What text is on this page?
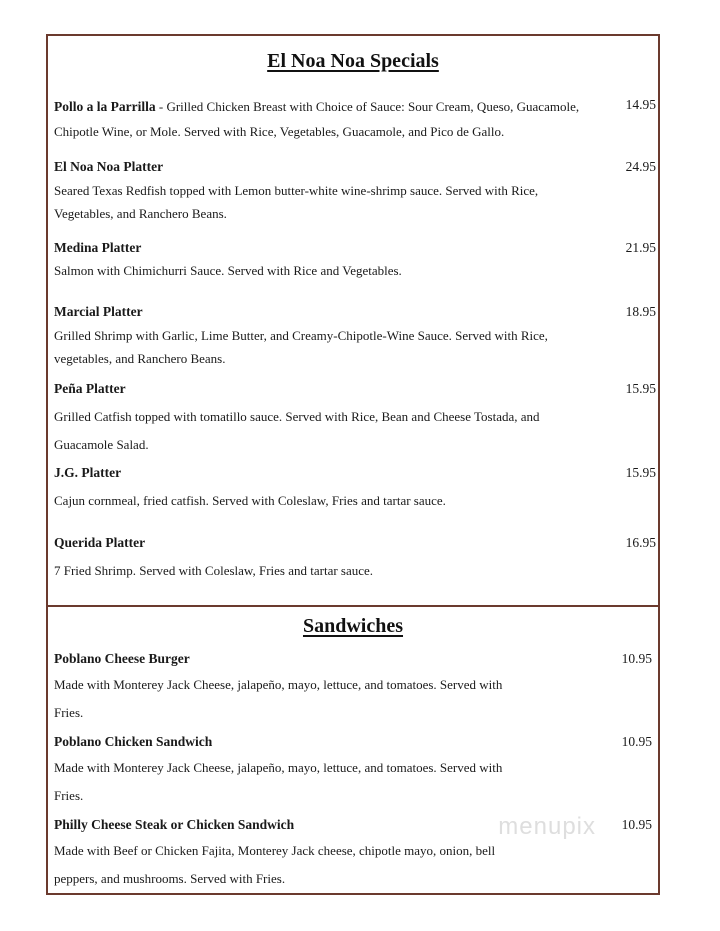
El Noa Noa Specials
Pollo a la Parrilla - Grilled Chicken Breast with Choice of Sauce: Sour Cream, Queso, Guacamole,
Chipotle Wine, or Mole. Served with Rice, Vegetables, Guacamole, and Pico de Gallo.
14.95
El Noa Noa Platter
Seared Texas Redfish topped with Lemon butter-white wine-shrimp sauce. Served with Rice,
Vegetables, and Ranchero Beans.
24.95
Medina Platter
Salmon with Chimichurri Sauce. Served with Rice and Vegetables.
21.95
Marcial Platter
Grilled Shrimp with Garlic, Lime Butter, and Creamy-Chipotle-Wine Sauce. Served with Rice,
vegetables, and Ranchero Beans.
18.95
Peña Platter
Grilled Catfish topped with tomatillo sauce. Served with Rice, Bean and Cheese Tostada, and
Guacamole Salad.
15.95
J.G. Platter
Cajun cornmeal, fried catfish. Served with Coleslaw, Fries and tartar sauce.
15.95
Querida Platter
7 Fried Shrimp. Served with Coleslaw, Fries and tartar sauce.
16.95
Sandwiches
Poblano Cheese Burger
Made with Monterey Jack Cheese, jalapeño, mayo, lettuce, and tomatoes. Served with
Fries.
10.95
Poblano Chicken Sandwich
Made with Monterey Jack Cheese, jalapeño, mayo, lettuce, and tomatoes. Served with
Fries.
10.95
Philly Cheese Steak or Chicken Sandwich
Made with Beef or Chicken Fajita, Monterey Jack cheese, chipotle mayo, onion, bell
peppers, and mushrooms. Served with Fries.
10.95
menupix
